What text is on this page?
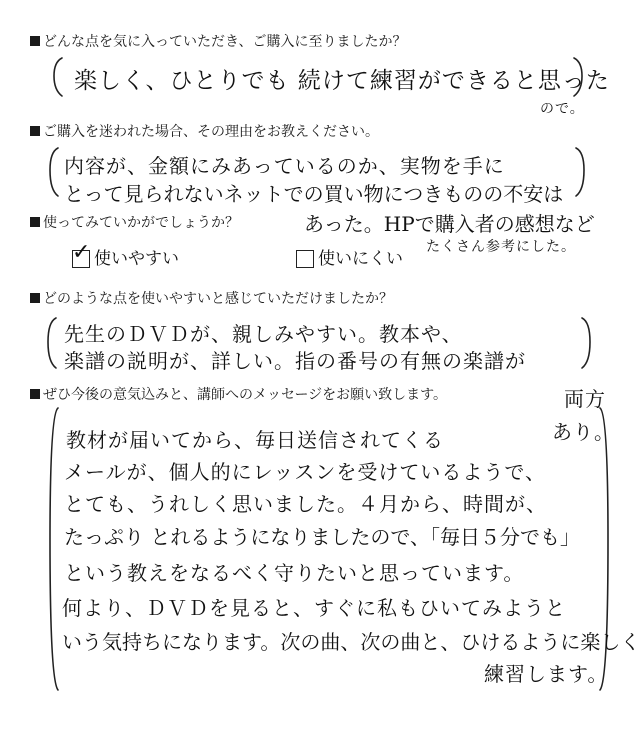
どんな点を気に入っていただき、ご購入に至りましたか？
楽しく、ひとりでも 続けて練習ができると思った
ので。
ご購入を迷われた場合、その理由をお教えください。
内容が、金額にみあっているのか、実物を手に
とって見られないネットでの買い物につきものの不安は
使ってみていかがでしょうか？	あった。HPで購入者の感想など
たくさん参考にした。
✓ 使いやすい	使いにくい
どのような点を使いやすいと感じていただけましたか？
先生のＤＶＤが、親しみやすい。教本や、
楽譜の説明が、詳しい。指の番号の有無の楽譜が
両方
あり。
ぜひ今後の意気込みと、講師へのメッセージをお願い致します。
教材が届いてから、毎日送信されてくる
メールが、個人的にレッスンを受けているようで、
とても、うれしく思いました。４月から、時間が、
たっぷり とれるようになりましたので、「毎日５分でも」
という教えをなるべく守りたいと思っています。
何より、ＤＶＤを見ると、すぐに私もひいてみようと
いう気持ちになります。次の曲、次の曲と、ひけるように楽しく
練習します。
